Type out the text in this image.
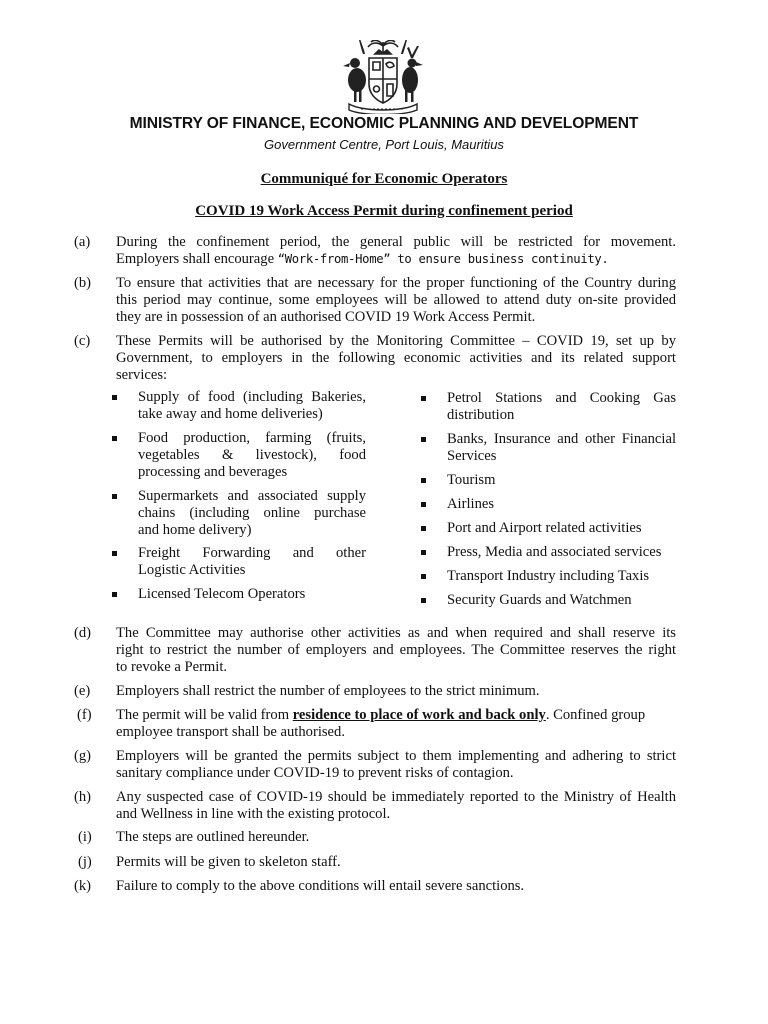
MINISTRY OF FINANCE, ECONOMIC PLANNING AND DEVELOPMENT
Government Centre, Port Louis, Mauritius
Communiqué for Economic Operators
COVID 19 Work Access Permit during confinement period
(a) During the confinement period, the general public will be restricted for movement.
Employers shall encourage “Work-from-Home” to ensure business continuity.
(b) To ensure that activities that are necessary for the proper functioning of the Country during
this period may continue, some employees will be allowed to attend duty on-site provided
they are in possession of an authorised COVID 19 Work Access Permit.
(c) These Permits will be authorised by the Monitoring Committee – COVID 19, set up by
Government, to employers in the following economic activities and its related support
services:
Supply of food (including Bakeries,
take away and home deliveries)
Food production, farming (fruits,
vegetables & livestock), food
processing and beverages
Supermarkets and associated supply
chains (including online purchase
and home delivery)
Freight Forwarding and other
Logistic Activities
Licensed Telecom Operators
Petrol Stations and Cooking Gas
distribution
Banks, Insurance and other Financial
Services
Tourism
Airlines
Port and Airport related activities
Press, Media and associated services
Transport Industry including Taxis
Security Guards and Watchmen
(d) The Committee may authorise other activities as and when required and shall reserve its
right to restrict the number of employers and employees. The Committee reserves the right
to revoke a Permit.
(e) Employers shall restrict the number of employees to the strict minimum.
(f) The permit will be valid from residence to place of work and back only. Confined group
employee transport shall be authorised.
(g) Employers will be granted the permits subject to them implementing and adhering to strict
sanitary compliance under COVID-19 to prevent risks of contagion.
(h) Any suspected case of COVID-19 should be immediately reported to the Ministry of Health
and Wellness in line with the existing protocol.
(i) The steps are outlined hereunder.
(j) Permits will be given to skeleton staff.
(k) Failure to comply to the above conditions will entail severe sanctions.
